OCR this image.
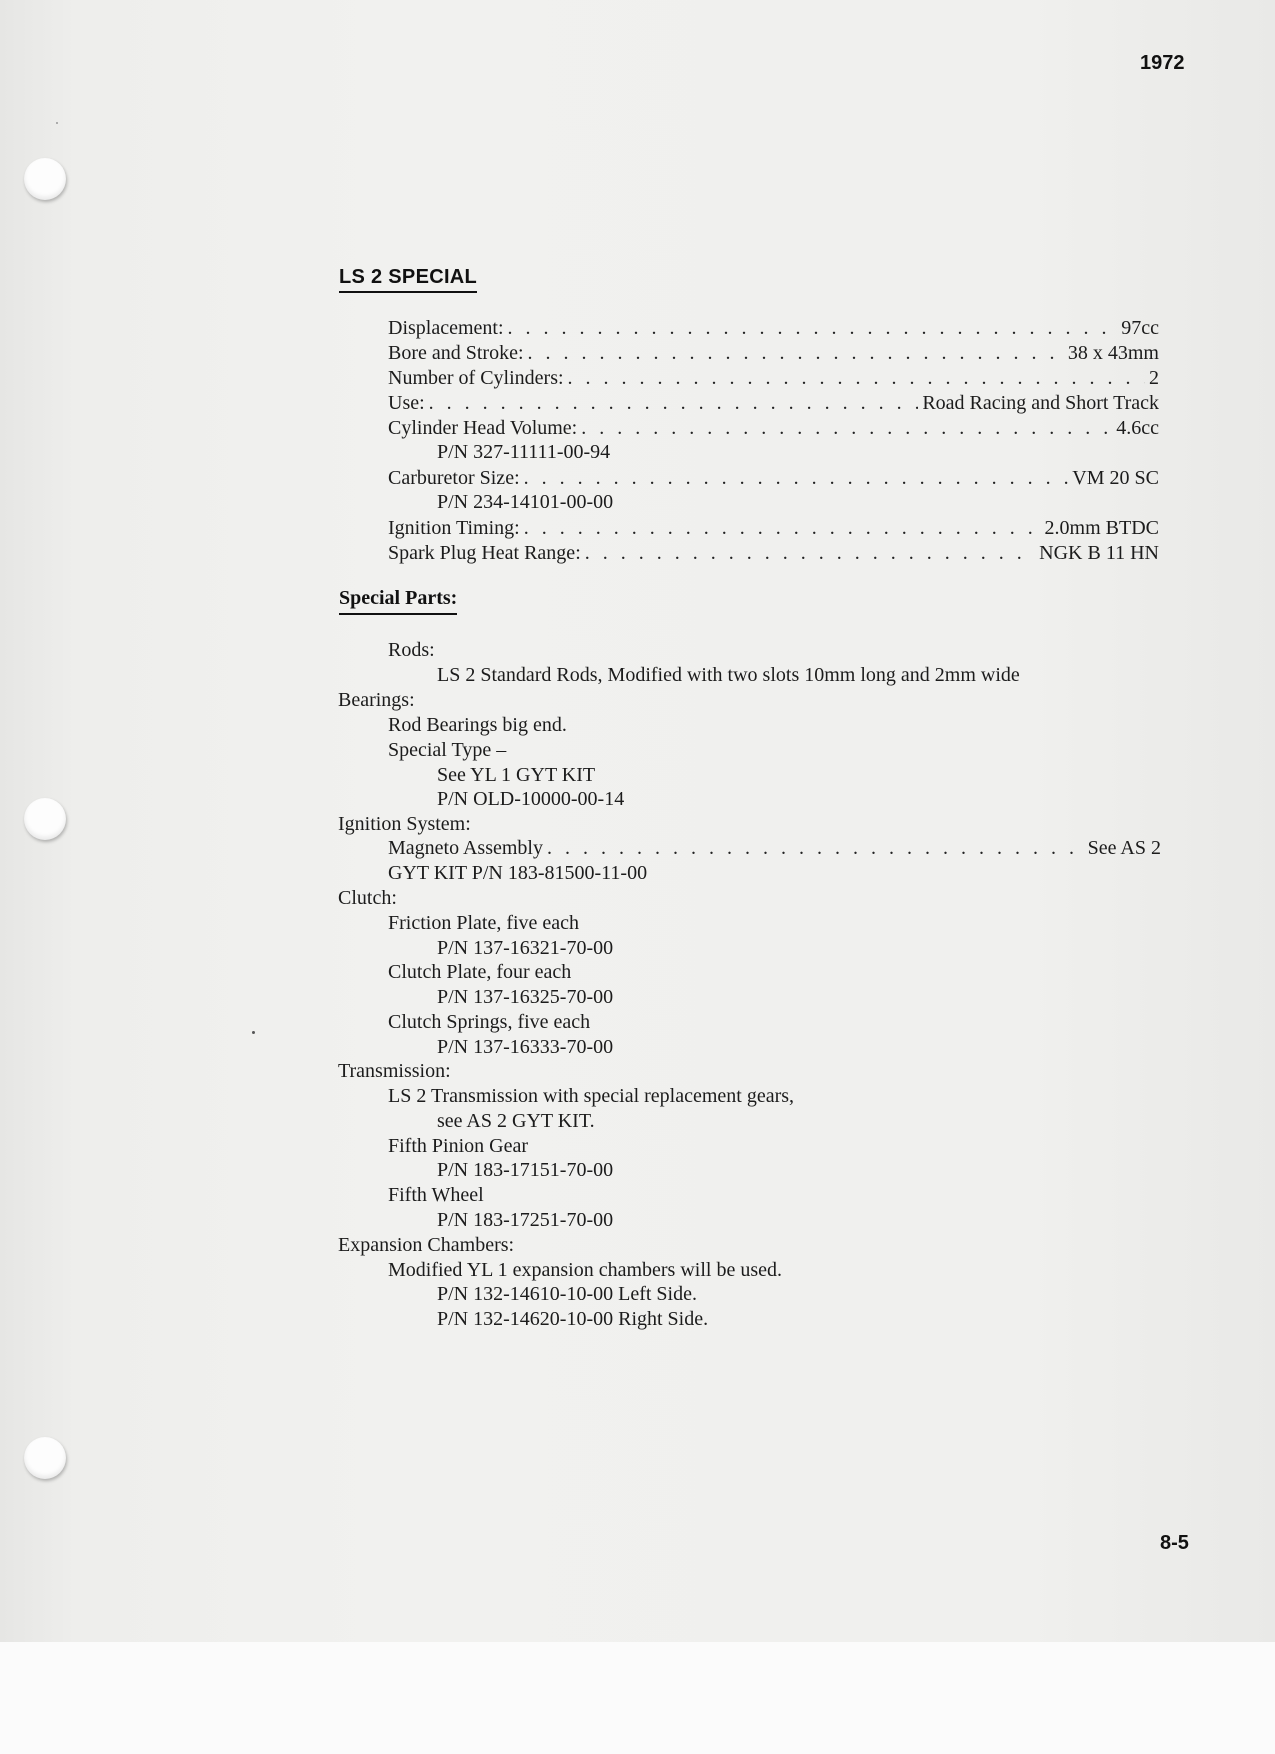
1972
LS 2 SPECIAL
Displacement: . . .	97cc
Bore and Stroke: . . .	38 x 43mm
Number of Cylinders: . . .	2
Use: . . .	Road Racing and Short Track
Cylinder Head Volume: . . .	4.6cc
P/N 327-11111-00-94
Carburetor Size: . . .	VM 20 SC
P/N 234-14101-00-00
Ignition Timing: . . .	2.0mm BTDC
Spark Plug Heat Range: . . .	NGK B 11 HN
Special Parts:
Rods:
LS 2 Standard Rods, Modified with two slots 10mm long and 2mm wide
Bearings:
Rod Bearings big end.
Special Type –
See YL 1 GYT KIT
P/N OLD-10000-00-14
Ignition System:
Magneto Assembly . . .	See AS 2
GYT KIT P/N 183-81500-11-00
Clutch:
Friction Plate, five each
P/N 137-16321-70-00
Clutch Plate, four each
P/N 137-16325-70-00
Clutch Springs, five each
P/N 137-16333-70-00
Transmission:
LS 2 Transmission with special replacement gears,
see AS 2 GYT KIT.
Fifth Pinion Gear
P/N 183-17151-70-00
Fifth Wheel
P/N 183-17251-70-00
Expansion Chambers:
Modified YL 1 expansion chambers will be used.
P/N 132-14610-10-00 Left Side.
P/N 132-14620-10-00 Right Side.
8-5
